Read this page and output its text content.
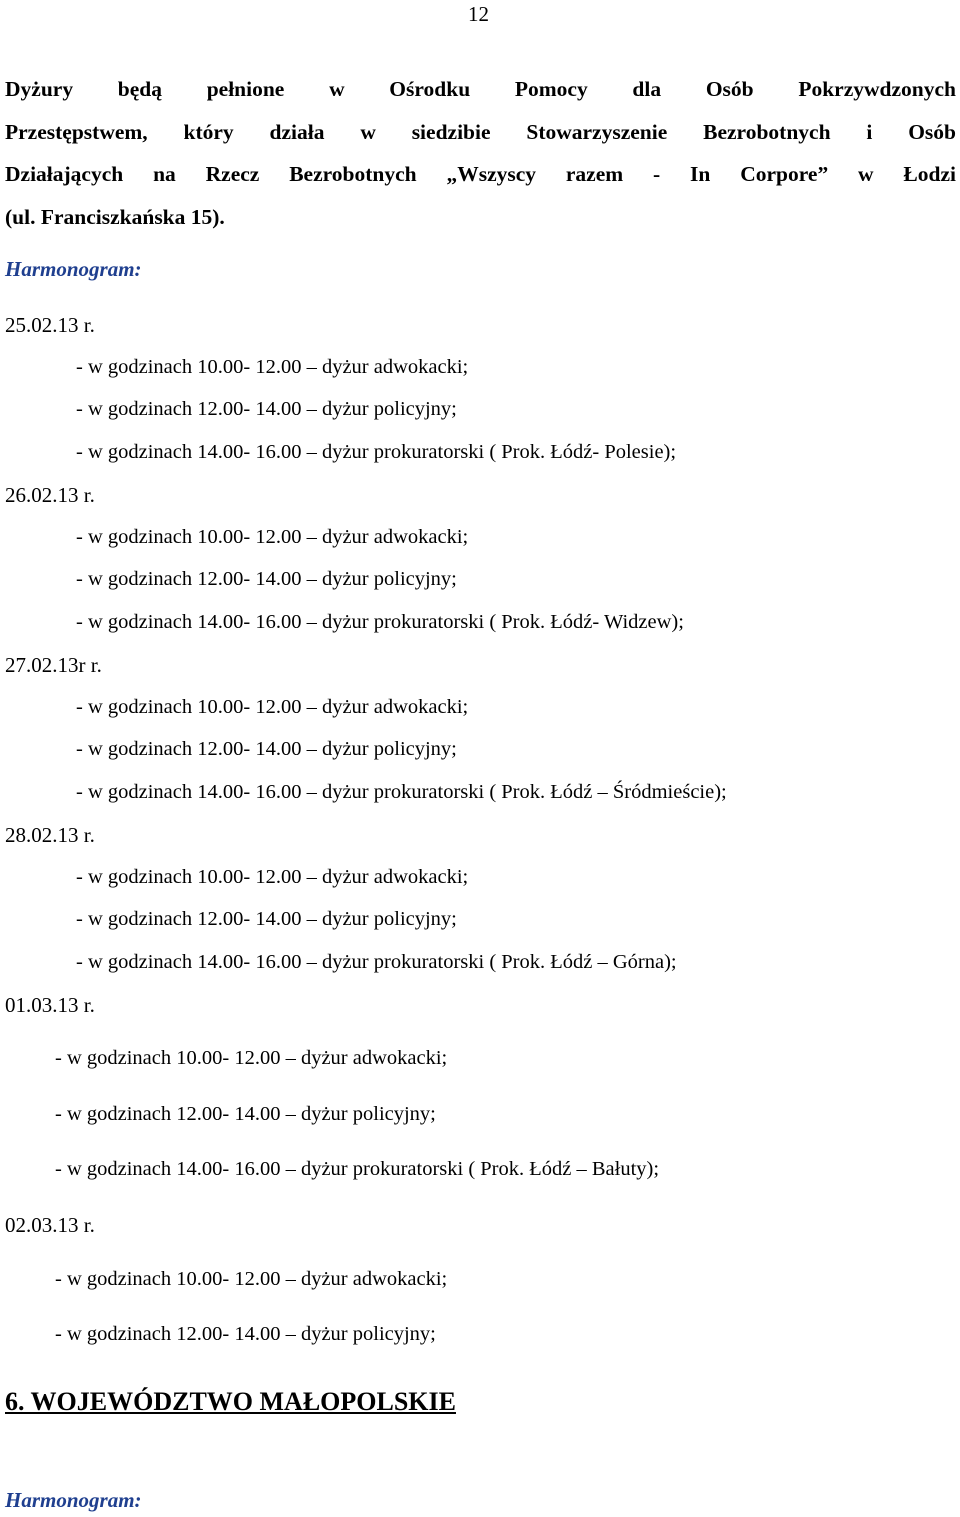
12
Dyżury będą pełnione w Ośrodku Pomocy dla Osób Pokrzywdzonych
Przestępstwem, który działa w siedzibie Stowarzyszenie Bezrobotnych i Osób
Działających na Rzecz Bezrobotnych „Wszyscy razem - In Corpore” w Łodzi
(ul. Franciszkańska 15).
Harmonogram:
25.02.13 r.
- w godzinach 10.00- 12.00 – dyżur adwokacki;
- w godzinach 12.00- 14.00 – dyżur policyjny;
- w godzinach 14.00- 16.00 – dyżur prokuratorski ( Prok. Łódź- Polesie);
26.02.13 r.
- w godzinach 10.00- 12.00 – dyżur adwokacki;
- w godzinach 12.00- 14.00 – dyżur policyjny;
- w godzinach 14.00- 16.00 – dyżur prokuratorski ( Prok. Łódź- Widzew);
27.02.13r r.
- w godzinach 10.00- 12.00 – dyżur adwokacki;
- w godzinach 12.00- 14.00 – dyżur policyjny;
- w godzinach 14.00- 16.00 – dyżur prokuratorski ( Prok. Łódź – Śródmieście);
28.02.13 r.
- w godzinach 10.00- 12.00 – dyżur adwokacki;
- w godzinach 12.00- 14.00 – dyżur policyjny;
- w godzinach 14.00- 16.00 – dyżur prokuratorski ( Prok. Łódź – Górna);
01.03.13 r.
- w godzinach 10.00- 12.00 – dyżur adwokacki;
- w godzinach 12.00- 14.00 – dyżur policyjny;
- w godzinach 14.00- 16.00 – dyżur prokuratorski ( Prok. Łódź – Bałuty);
02.03.13 r.
- w godzinach 10.00- 12.00 – dyżur adwokacki;
- w godzinach 12.00- 14.00 – dyżur policyjny;
6. WOJEWÓDZTWO MAŁOPOLSKIE
Harmonogram:
